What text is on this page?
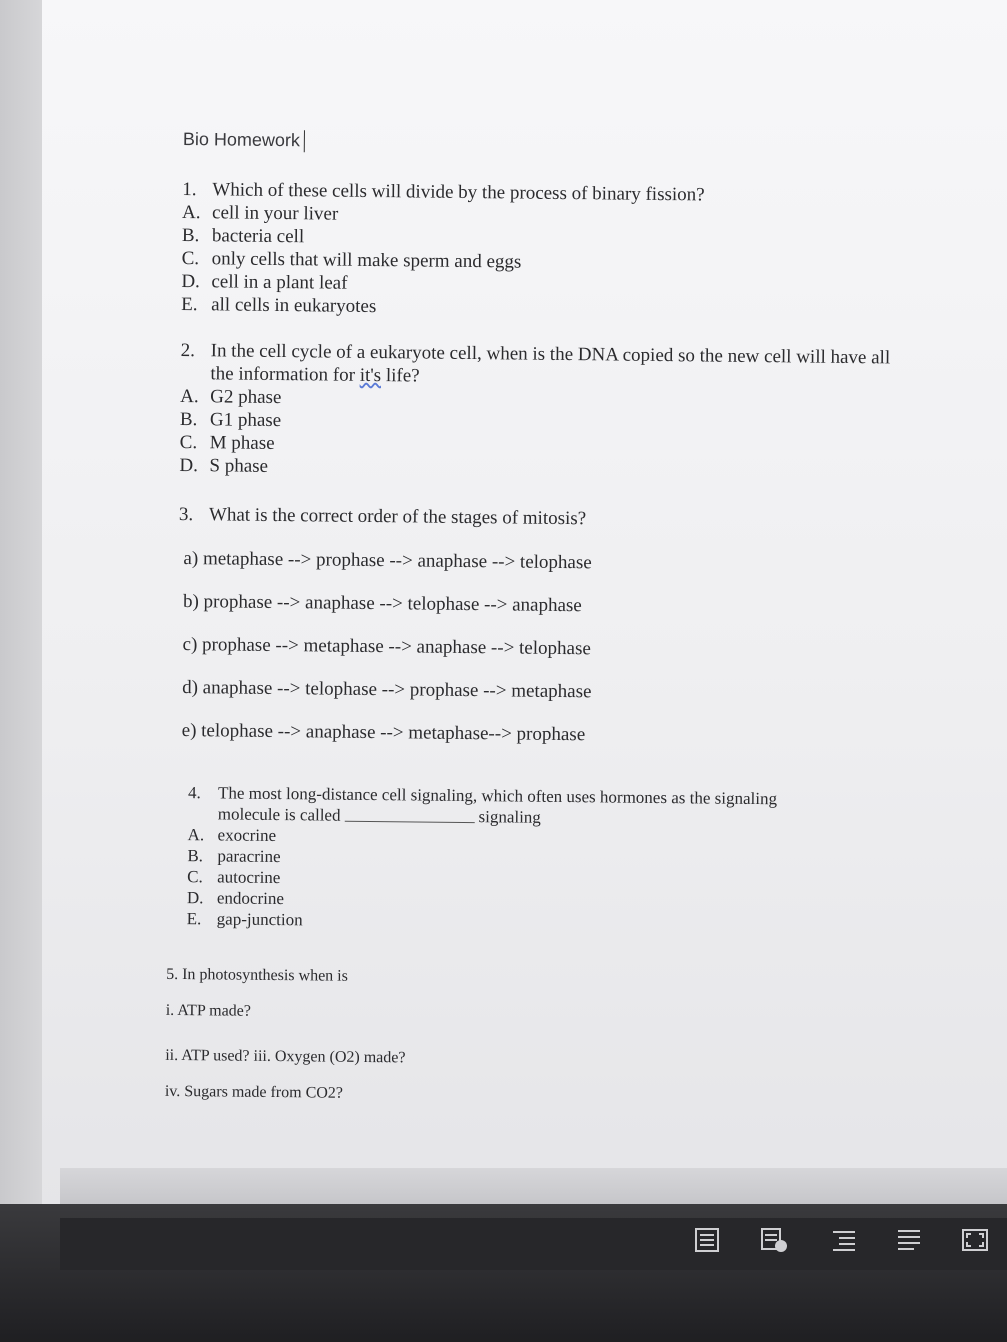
Bio Homework
1. Which of these cells will divide by the process of binary fission?
A. cell in your liver
B. bacteria cell
C. only cells that will make sperm and eggs
D. cell in a plant leaf
E. all cells in eukaryotes
2. In the cell cycle of a eukaryote cell, when is the DNA copied so the new cell will have all
the information for it's life?
A. G2 phase
B. G1 phase
C. M phase
D. S phase
3. What is the correct order of the stages of mitosis?
a) metaphase --> prophase --> anaphase --> telophase
b) prophase --> anaphase --> telophase --> anaphase
c) prophase --> metaphase --> anaphase --> telophase
d) anaphase --> telophase --> prophase --> metaphase
e) telophase --> anaphase --> metaphase--> prophase
4.	The most long-distance cell signaling, which often uses hormones as the signaling
molecule is called	signaling
A. exocrine
B. paracrine
C. autocrine
D. endocrine
E. gap-junction
5. In photosynthesis when is
i. ATP made?
ii. ATP used? iii. Oxygen (O2) made?
iv. Sugars made from CO2?
